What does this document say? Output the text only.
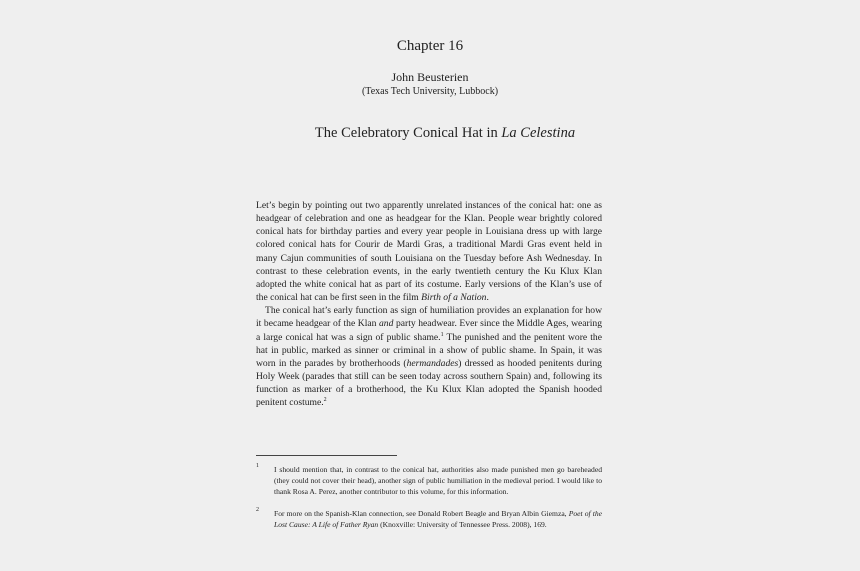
Chapter 16
John Beusterien
(Texas Tech University, Lubbock)
The Celebratory Conical Hat in La Celestina

Let’s begin by pointing out two apparently unrelated instances of the conical hat: one as headgear of celebration and one as headgear for the Klan. People wear brightly colored conical hats for birthday parties and every year people in Louisiana dress up with large colored conical hats for Courir de Mardi Gras, a traditional Mardi Gras event held in many Cajun communities of south Louisiana on the Tuesday before Ash Wednesday. In contrast to these celebration events, in the early twentieth century the Ku Klux Klan adopted the white conical hat as part of its costume. Early versions of the Klan’s use of the conical hat can be first seen in the film Birth of a Nation.

The conical hat’s early function as sign of humiliation provides an explanation for how it became headgear of the Klan and party headwear. Ever since the Middle Ages, wearing a large conical hat was a sign of public shame.$^1$ The punished and the penitent wore the hat in public, marked as sinner or criminal in a show of public shame. In Spain, it was worn in the parades by brotherhoods (hermandades) dressed as hooded penitents during Holy Week (parades that still can be seen today across southern Spain) and, following its function as marker of a brotherhood, the Ku Klux Klan adopted the Spanish hooded penitent costume.$^2$

1 I should mention that, in contrast to the conical hat, authorities also made punished men go bareheaded (they could not cover their head), another sign of public humiliation in the medieval period. I would like to thank Rosa A. Perez, another contributor to this volume, for this information.
2 For more on the Spanish-Klan connection, see Donald Robert Beagle and Bryan Albin Giemza, Poet of the Lost Cause: A Life of Father Ryan (Knoxville: University of Tennessee Press. 2008), 169.
